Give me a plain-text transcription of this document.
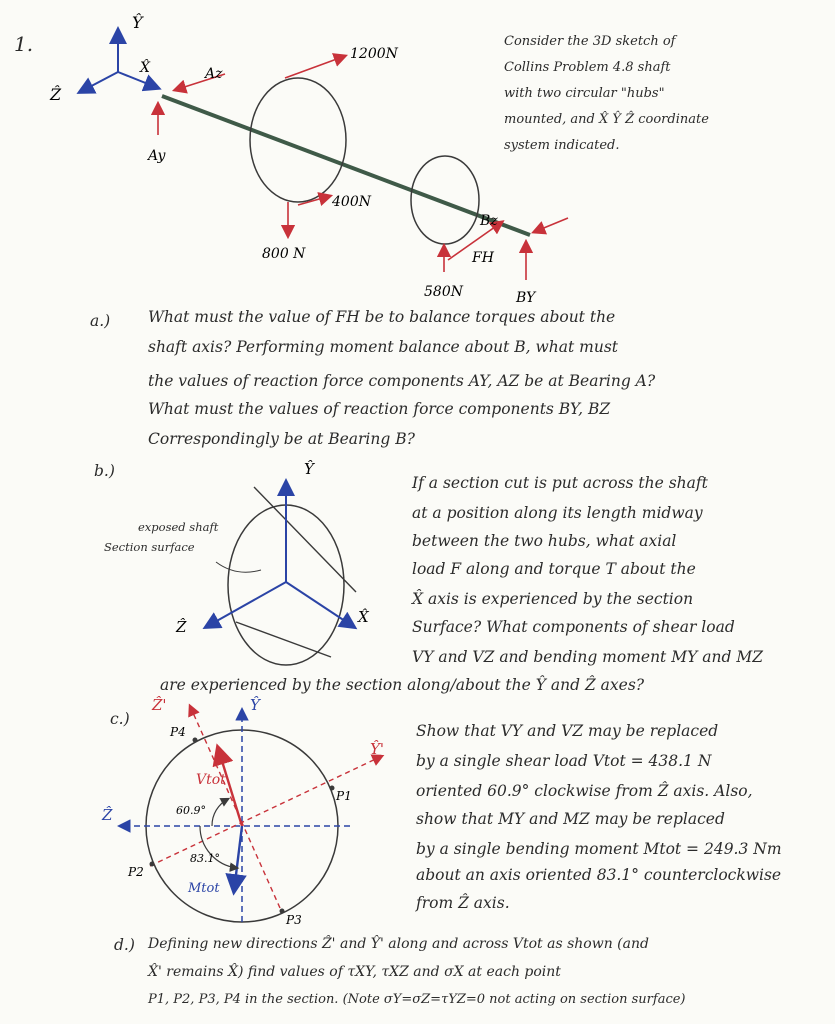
1.
Ŷ
X̂
Ẑ
Az
Ay
1200N
400N
800 N	FH
580N
Bz
BY
Consider the 3D sketch of
Collins Problem 4.8 shaft
with two circular "hubs"
mounted, and X̂ Ŷ Ẑ coordinate
system indicated.
a.) What must the value of FH be to balance torques about the
shaft axis? Performing moment balance about B, what must
the values of reaction force components AY, AZ be at Bearing A?
What must the values of reaction force components BY, BZ
Correspondingly be at Bearing B?
b.)	Ŷ
Ẑ
X̂
exposed shaft
Section surface
If a section cut is put across the shaft
at a position along its length midway
between the two hubs, what axial
load F along and torque T about the
X̂ axis is experienced by the section
Surface? What components of shear load
VY and VZ and bending moment MY and MZ
are experienced by the section along/about the Ŷ and Ẑ axes?
c.)
Ẑ'	Ŷ
Ŷ'
Ẑ
P4
P1
P2
P3
Vtot
Mtot
60.9°
83.1°
Show that VY and VZ may be replaced
by a single shear load Vtot = 438.1 N
oriented 60.9° clockwise from Ẑ axis. Also,
show that MY and MZ may be replaced
by a single bending moment Mtot = 249.3 Nm
about an axis oriented 83.1° counterclockwise
from Ẑ axis.
d.) Defining new directions Ẑ' and Ŷ' along and across Vtot as shown (and
X̂' remains X̂) find values of τXY, τXZ and σX at each point
P1, P2, P3, P4 in the section. (Note σY=σZ=τYZ=0 not acting on section surface)
